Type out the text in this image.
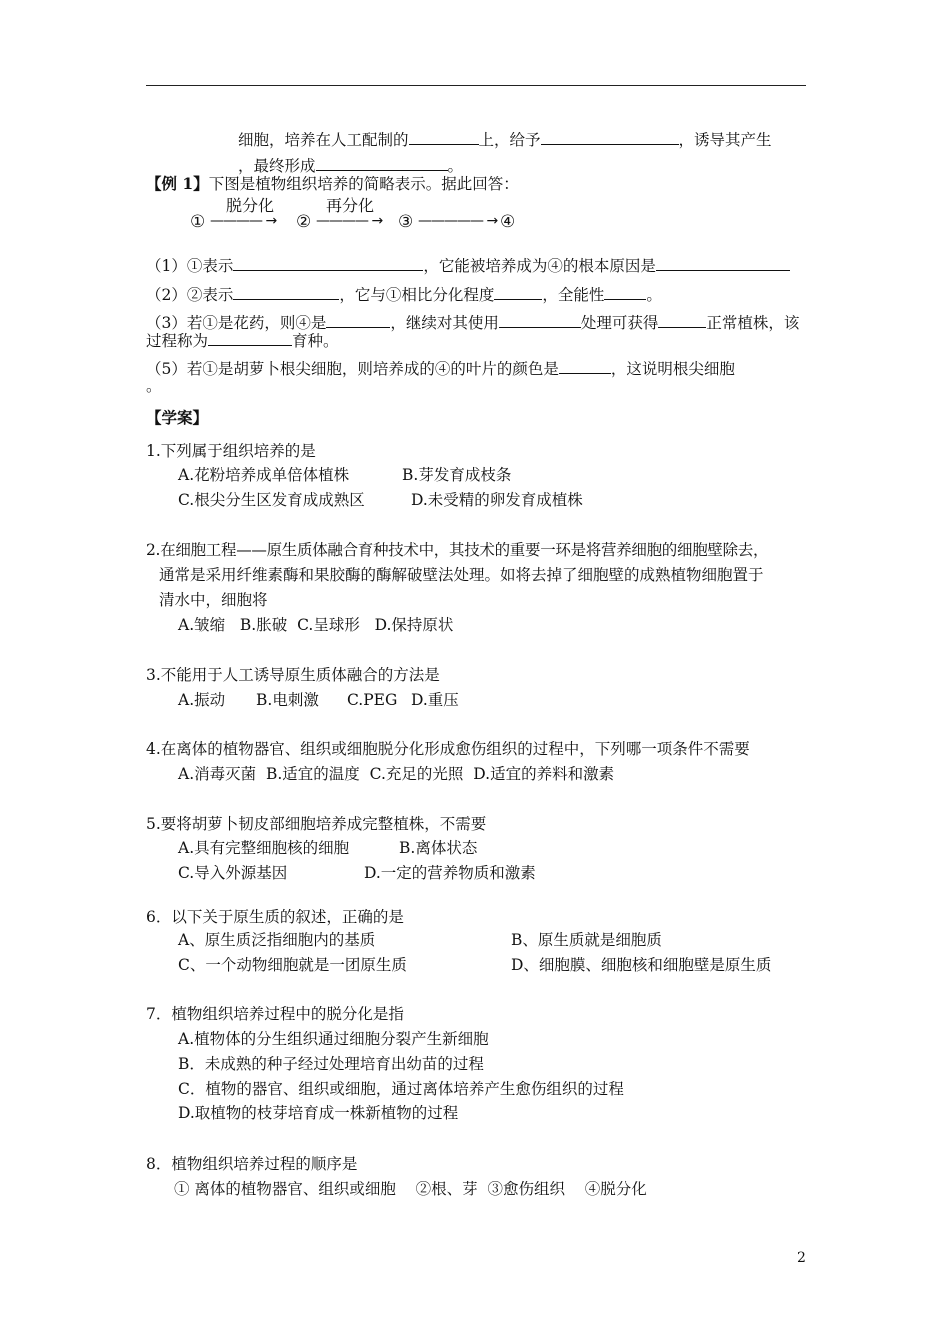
细胞，培养在人工配制的	上，给予	，诱导其产生
，最终形成	。
【例 1】下图是植物组织培养的简略表示。据此回答：
脱分化	再分化
① ———— → ② ———— → ③ ————— → ④
（1）①表示	，它能被培养成为④的根本原因是
（2）②表示	，它与①相比分化程度	，全能性	。
（3）若①是花药，则④是	，继续对其使用	处理可获得	正常植株，该
过程称为	育种。
（5）若①是胡萝卜根尖细胞，则培养成的④的叶片的颜色是	，这说明根尖细胞
。
【学案】
1.下列属于组织培养的是
A.花粉培养成单倍体植株	B.芽发育成枝条
C.根尖分生区发育成成熟区	D.未受精的卵发育成植株
2.在细胞工程——原生质体融合育种技术中，其技术的重要一环是将营养细胞的细胞壁除去，
通常是采用纤维素酶和果胶酶的酶解破壁法处理。如将去掉了细胞壁的成熟植物细胞置于
清水中，细胞将
A.皱缩 B.胀破 C.呈球形 D.保持原状
3.不能用于人工诱导原生质体融合的方法是
A.振动 B.电刺激 C.PEG D.重压
4.在离体的植物器官、组织或细胞脱分化形成愈伤组织的过程中，下列哪一项条件不需要
A.消毒灭菌 B.适宜的温度 C.充足的光照 D.适宜的养料和激素
5.要将胡萝卜韧皮部细胞培养成完整植株，不需要
A.具有完整细胞核的细胞	B.离体状态
C.导入外源基因	D.一定的营养物质和激素
6．以下关于原生质的叙述，正确的是
A、原生质泛指细胞内的基质	B、原生质就是细胞质
C、一个动物细胞就是一团原生质	D、细胞膜、细胞核和细胞壁是原生质
7．植物组织培养过程中的脱分化是指
A.植物体的分生组织通过细胞分裂产生新细胞
B．未成熟的种子经过处理培育出幼苗的过程
C．植物的器官、组织或细胞，通过离体培养产生愈伤组织的过程
D.取植物的枝芽培育成一株新植物的过程
8．植物组织培养过程的顺序是
① 离体的植物器官、组织或细胞 ②根、芽 ③愈伤组织 ④脱分化
2
